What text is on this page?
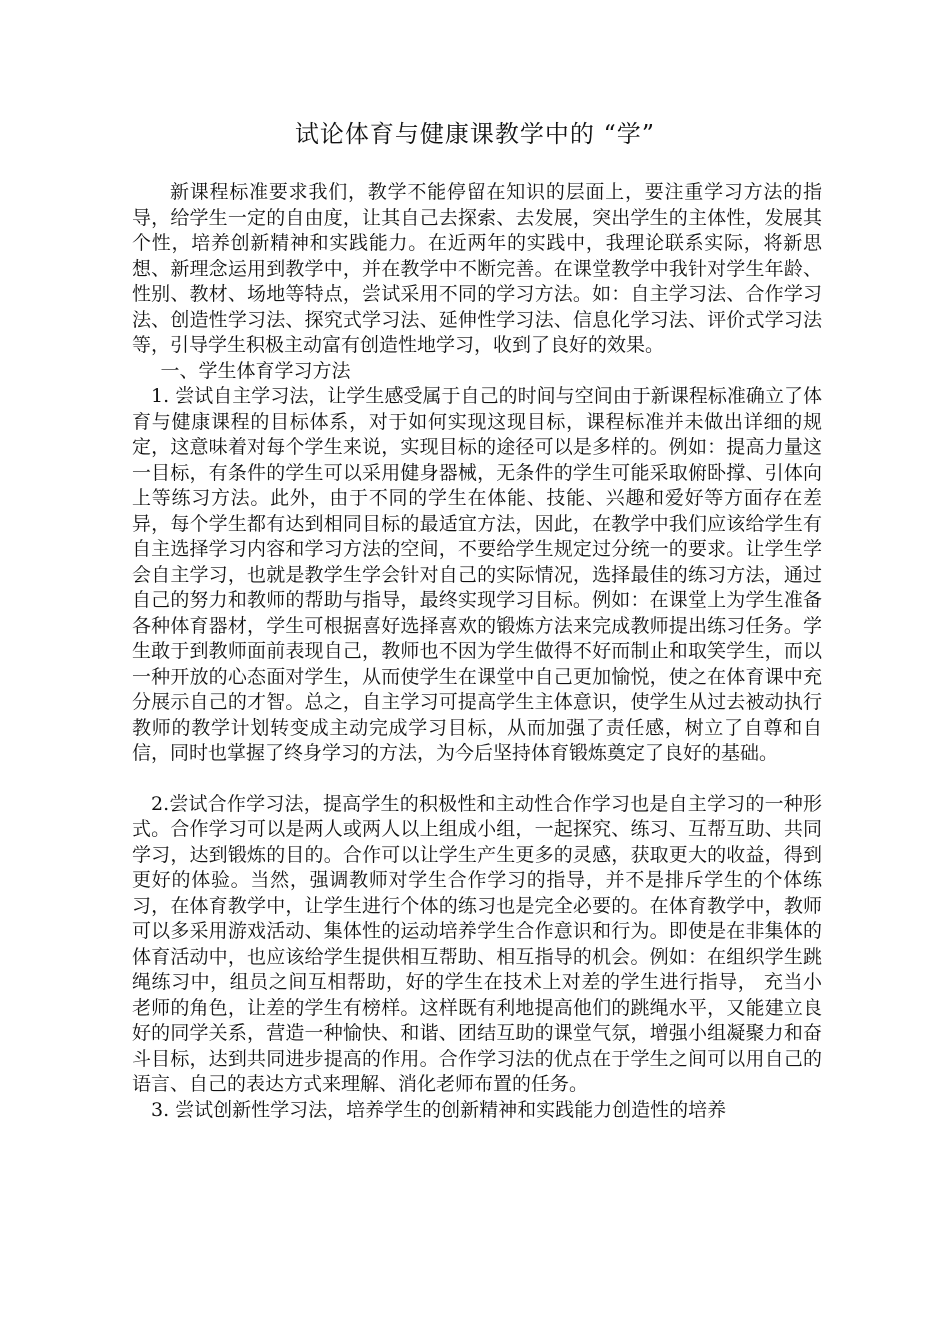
试论体育与健康课教学中的 “学”

新课程标准要求我们，教学不能停留在知识的层面上，要注重学习方法的指导，给学生一定的自由度，让其自己去探索、去发展，突出学生的主体性，发展其个性，培养创新精神和实践能力。在近两年的实践中，我理论联系实际，将新思想、新理念运用到教学中，并在教学中不断完善。在课堂教学中我针对学生年龄、性别、教材、场地等特点，尝试采用不同的学习方法。如：自主学习法、合作学习法、创造性学习法、探究式学习法、延伸性学习法、信息化学习法、评价式学习法等，引导学生积极主动富有创造性地学习，收到了良好的效果。

一、学生体育学习方法

1. 尝试自主学习法，让学生感受属于自己的时间与空间由于新课程标准确立了体育与健康课程的目标体系，对于如何实现这现目标，课程标准并未做出详细的规定，这意味着对每个学生来说，实现目标的途径可以是多样的。例如：提高力量这一目标，有条件的学生可以采用健身器械，无条件的学生可能采取俯卧撑、引体向上等练习方法。此外，由于不同的学生在体能、技能、兴趣和爱好等方面存在差异，每个学生都有达到相同目标的最适宜方法，因此，在教学中我们应该给学生有自主选择学习内容和学习方法的空间，不要给学生规定过分统一的要求。让学生学会自主学习，也就是教学生学会针对自己的实际情况，选择最佳的练习方法，通过自己的努力和教师的帮助与指导，最终实现学习目标。例如：在课堂上为学生准备各种体育器材，学生可根据喜好选择喜欢的锻炼方法来完成教师提出练习任务。学生敢于到教师面前表现自己，教师也不因为学生做得不好而制止和取笑学生，而以一种开放的心态面对学生，从而使学生在课堂中自己更加愉悦，使之在体育课中充分展示自己的才智。总之，自主学习可提高学生主体意识，使学生从过去被动执行教师的教学计划转变成主动完成学习目标，从而加强了责任感，树立了自尊和自信，同时也掌握了终身学习的方法，为今后坚持体育锻炼奠定了良好的基础。

2.尝试合作学习法，提高学生的积极性和主动性合作学习也是自主学习的一种形式。合作学习可以是两人或两人以上组成小组，一起探究、练习、互帮互助、共同学习，达到锻炼的目的。合作可以让学生产生更多的灵感，获取更大的收益，得到更好的体验。当然，强调教师对学生合作学习的指导，并不是排斥学生的个体练习，在体育教学中，让学生进行个体的练习也是完全必要的。在体育教学中，教师可以多采用游戏活动、集体性的运动培养学生合作意识和行为。即使是在非集体的体育活动中，也应该给学生提供相互帮助、相互指导的机会。例如：在组织学生跳绳练习中，组员之间互相帮助，好的学生在技术上对差的学生进行指导， 充当小老师的角色，让差的学生有榜样。这样既有利地提高他们的跳绳水平，又能建立良好的同学关系，营造一种愉快、和谐、团结互助的课堂气氛，增强小组凝聚力和奋斗目标，达到共同进步提高的作用。合作学习法的优点在于学生之间可以用自己的语言、自己的表达方式来理解、消化老师布置的任务。

3. 尝试创新性学习法，培养学生的创新精神和实践能力创造性的培养
